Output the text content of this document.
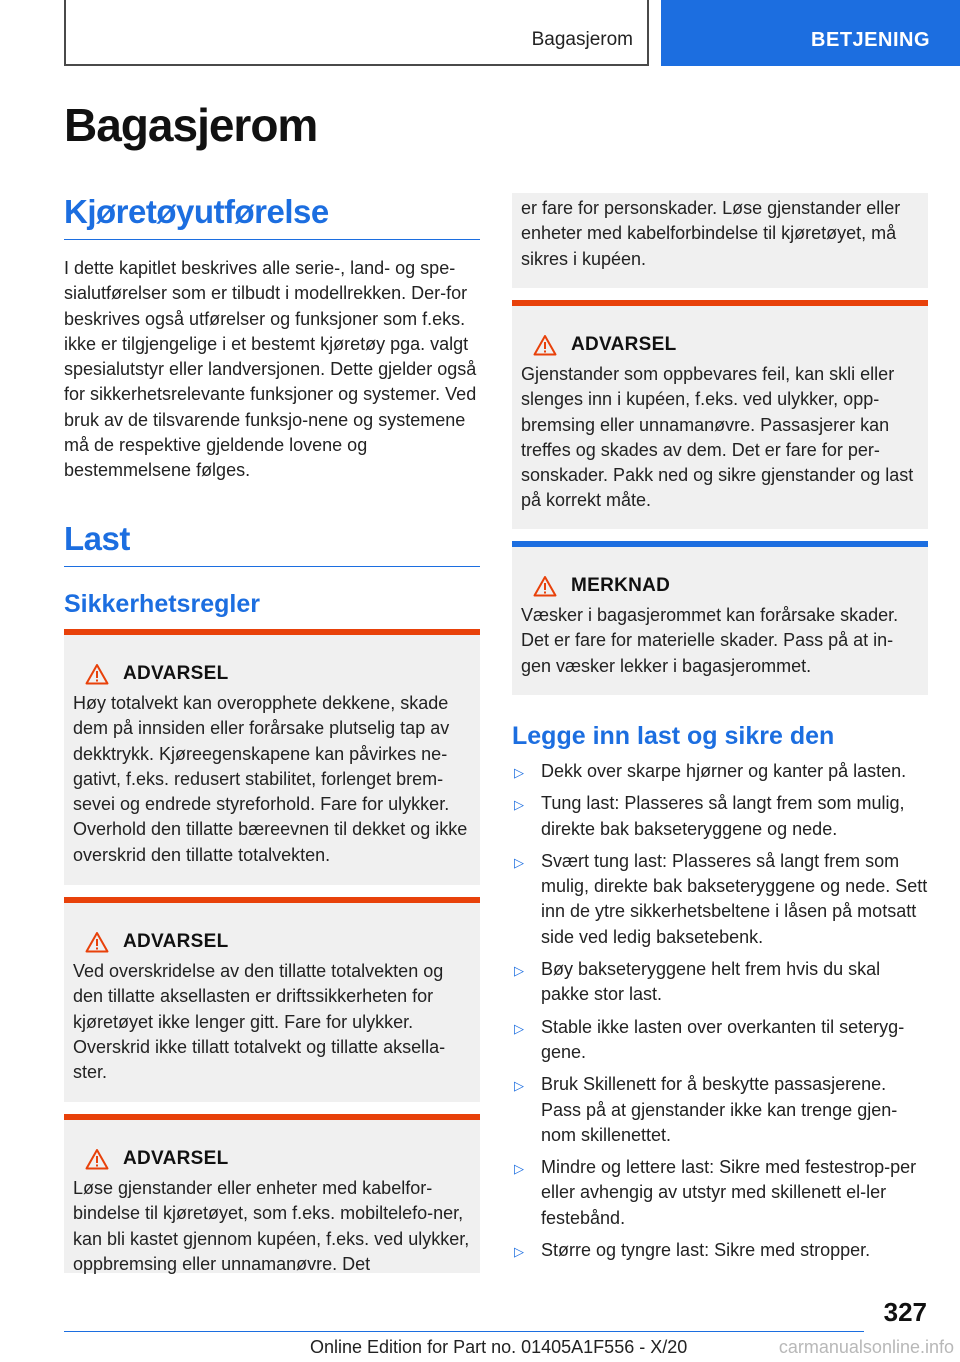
Bagasjerom	BETJENING
Bagasjerom
Kjøretøyutførelse

I dette kapitlet beskrives alle serie-, land- og spe-sialutførelser som er tilbudt i modellrekken. Der-for beskrives også utførelser og funksjoner som f.eks. ikke er tilgjengelige i et bestemt kjøretøy pga. valgt spesialutstyr eller landversjonen. Dette gjelder også for sikkerhetsrelevante funksjoner og systemer. Ved bruk av de tilsvarende funksjo-nene og systemene må de respektive gjeldende lovene og bestemmelsene følges.

Last
Sikkerhetsregler
ADVARSEL
Høy totalvekt kan overopphete dekkene, skade dem på innsiden eller forårsake plutselig tap av dekktrykk. Kjøreegenskapene kan påvirkes ne-gativt, f.eks. redusert stabilitet, forlenget brem-sevei og endrede styreforhold. Fare for ulykker. Overhold den tillatte bæreevnen til dekket og ikke overskrid den tillatte totalvekten.
ADVARSEL
Ved overskridelse av den tillatte totalvekten og den tillatte aksellasten er driftssikkerheten for kjøretøyet ikke lenger gitt. Fare for ulykker. Overskrid ikke tillatt totalvekt og tillatte aksella-ster.
ADVARSEL
Løse gjenstander eller enheter med kabelfor-bindelse til kjøretøyet, som f.eks. mobiltelefo-ner, kan bli kastet gjennom kupéen, f.eks. ved ulykker, oppbremsing eller unnamanøvre. Det
er fare for personskader. Løse gjenstander eller enheter med kabelforbindelse til kjøretøyet, må sikres i kupéen.
ADVARSEL
Gjenstander som oppbevares feil, kan skli eller slenges inn i kupéen, f.eks. ved ulykker, opp-bremsing eller unnamanøvre. Passasjerer kan treffes og skades av dem. Det er fare for per-sonskader. Pakk ned og sikre gjenstander og last på korrekt måte.
MERKNAD
Væsker i bagasjerommet kan forårsake skader. Det er fare for materielle skader. Pass på at in-gen væsker lekker i bagasjerommet.
Legge inn last og sikre den
▷ Dekk over skarpe hjørner og kanter på lasten.
▷ Tung last: Plasseres så langt frem som mulig, direkte bak bakseteryggene og nede.
▷ Svært tung last: Plasseres så langt frem som mulig, direkte bak bakseteryggene og nede. Sett inn de ytre sikkerhetsbeltene i låsen på motsatt side ved ledig baksetebenk.
▷ Bøy bakseteryggene helt frem hvis du skal pakke stor last.
▷ Stable ikke lasten over overkanten til seteryg-gene.
▷ Bruk Skillenett for å beskytte passasjerene. Pass på at gjenstander ikke kan trenge gjen-nom skillenettet.
▷ Mindre og lettere last: Sikre med festestrop-per eller avhengig av utstyr med skillenett el-ler festebånd.
▷ Større og tyngre last: Sikre med stropper.
327
Online Edition for Part no. 01405A1F556 - X/20	carmanualsonline.info
